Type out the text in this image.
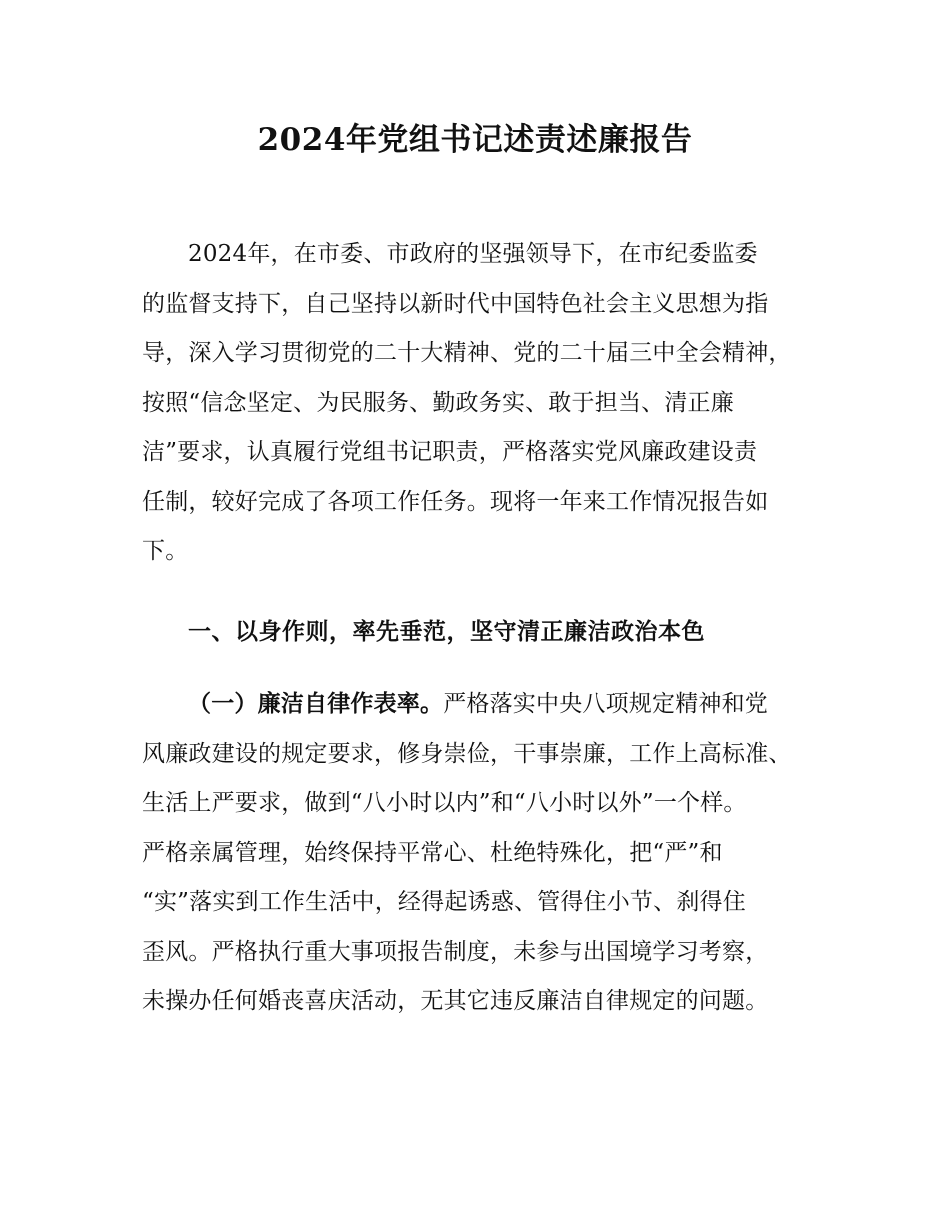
2024年党组书记述责述廉报告
2024年，在市委、市政府的坚强领导下，在市纪委监委
的监督支持下，自己坚持以新时代中国特色社会主义思想为指
导，深入学习贯彻党的二十大精神、党的二十届三中全会精神，
按照“信念坚定、为民服务、勤政务实、敢于担当、清正廉
洁”要求，认真履行党组书记职责，严格落实党风廉政建设责
任制，较好完成了各项工作任务。现将一年来工作情况报告如
下。
一、以身作则，率先垂范，坚守清正廉洁政治本色
（一）廉洁自律作表率。严格落实中央八项规定精神和党
风廉政建设的规定要求，修身崇俭，干事崇廉，工作上高标准、
生活上严要求，做到“八小时以内”和“八小时以外”一个样。
严格亲属管理，始终保持平常心、杜绝特殊化，把“严”和
“实”落实到工作生活中，经得起诱惑、管得住小节、刹得住
歪风。严格执行重大事项报告制度，未参与出国境学习考察，
未操办任何婚丧喜庆活动，无其它违反廉洁自律规定的问题。
